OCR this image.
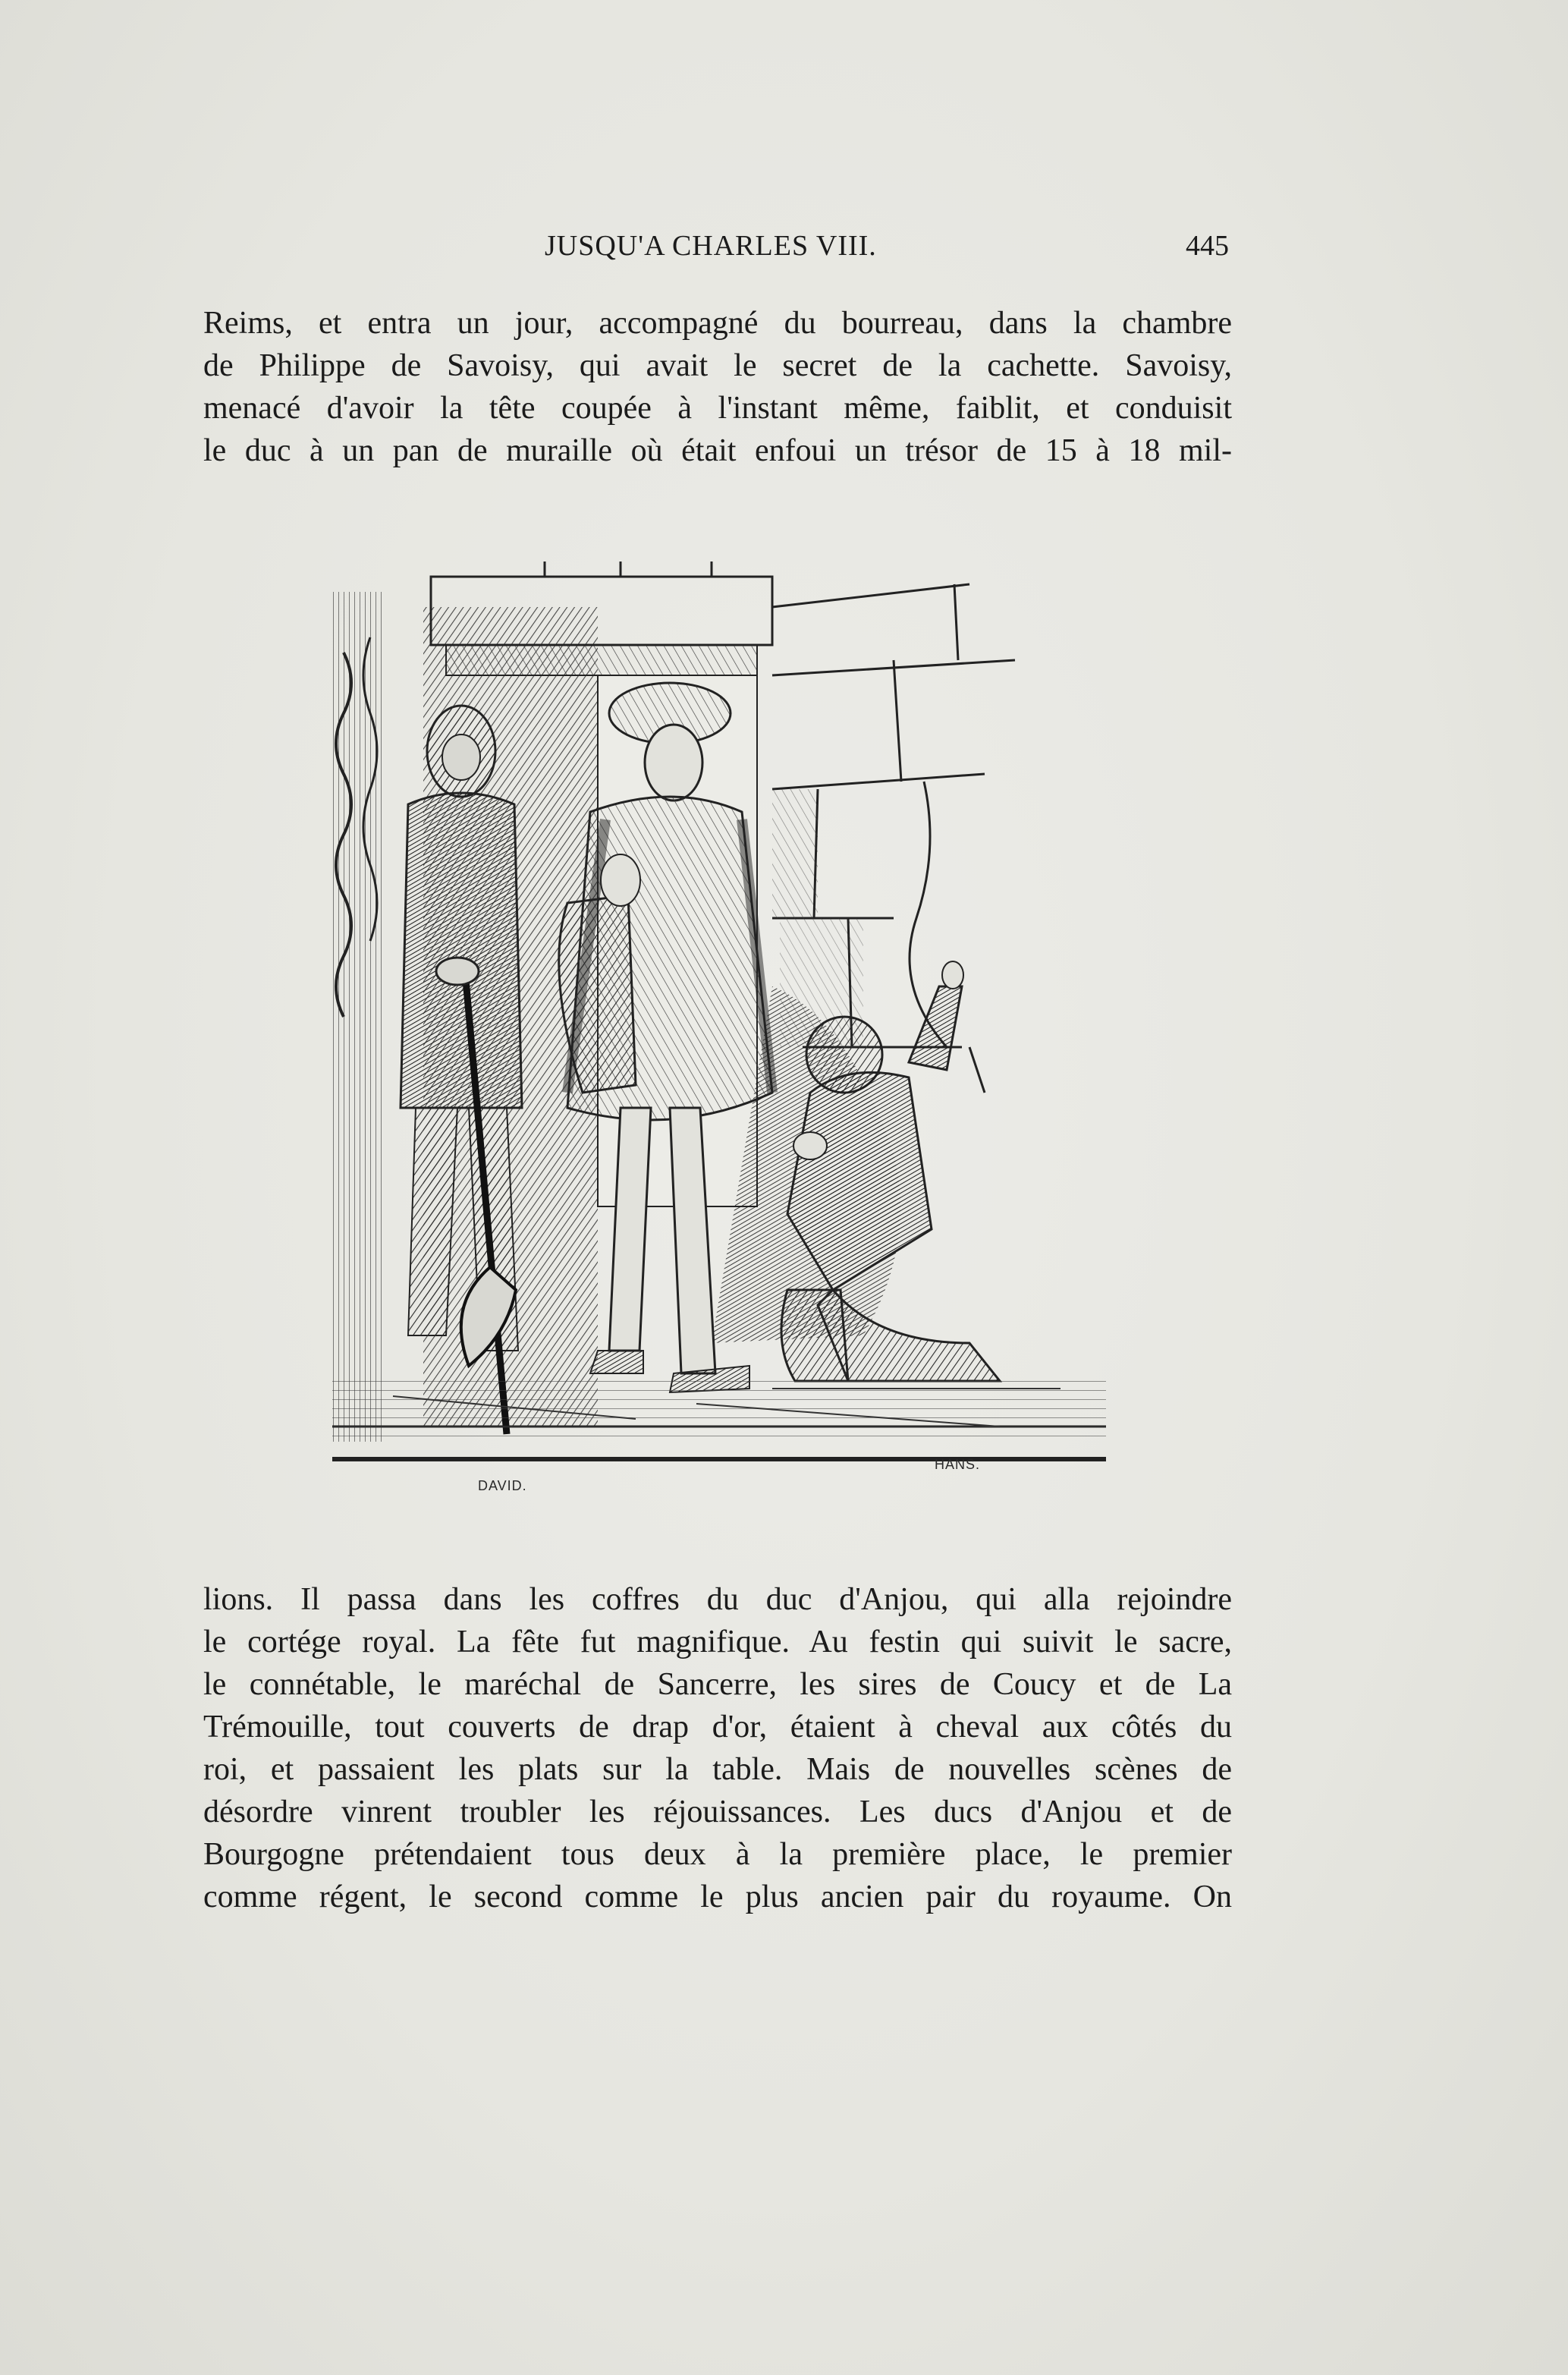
JUSQU'A CHARLES VIII.	445
Reims, et entra un jour, accompagné du bourreau, dans la chambre
de Philippe de Savoisy, qui avait le secret de la cachette. Savoisy,
menacé d'avoir la tête coupée à l'instant même, faiblit, et conduisit
le duc à un pan de muraille où était enfoui un trésor de 15 à 18 mil-
DAVID.
HANS.
lions. Il passa dans les coffres du duc d'Anjou, qui alla rejoindre
le cortége royal. La fête fut magnifique. Au festin qui suivit le sacre,
le connétable, le maréchal de Sancerre, les sires de Coucy et de La
Trémouille, tout couverts de drap d'or, étaient à cheval aux côtés du
roi, et passaient les plats sur la table. Mais de nouvelles scènes de
désordre vinrent troubler les réjouissances. Les ducs d'Anjou et de
Bourgogne prétendaient tous deux à la première place, le premier
comme régent, le second comme le plus ancien pair du royaume. On
